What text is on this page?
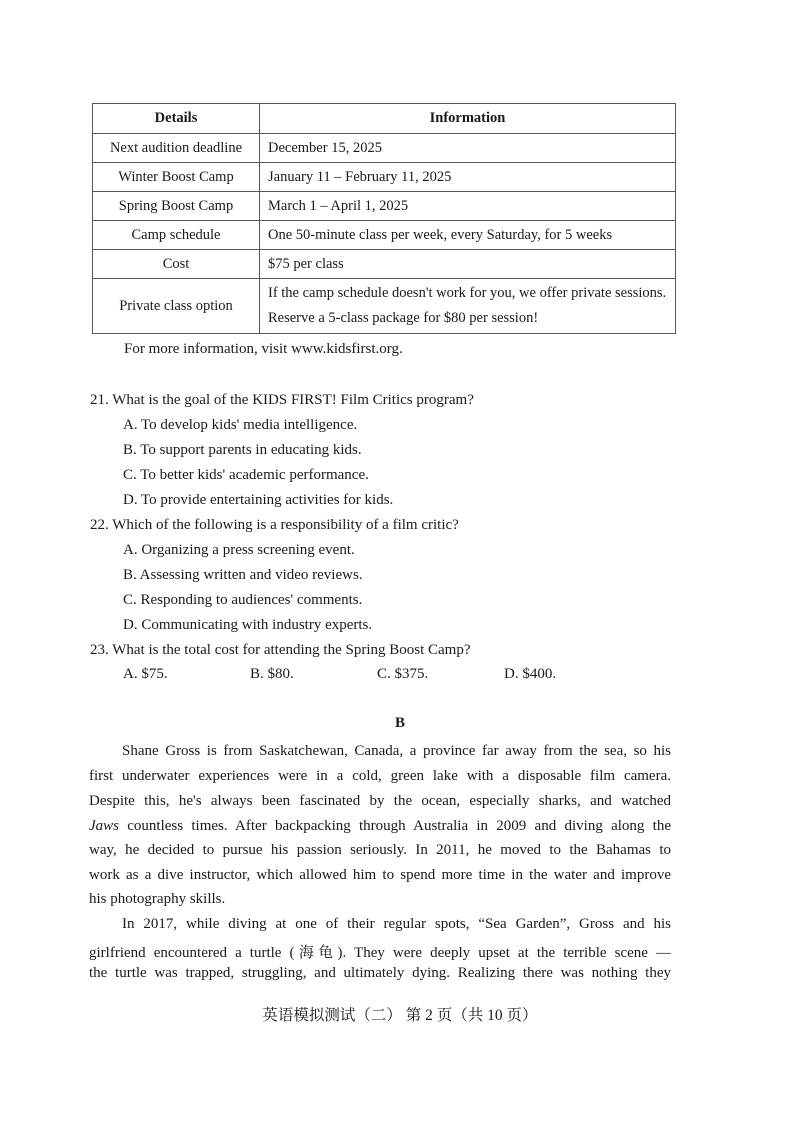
Details	Information
Next audition deadline	December 15, 2025
Winter Boost Camp	January 11 – February 11, 2025
Spring Boost Camp	March 1 – April 1, 2025
Camp schedule	One 50-minute class per week, every Saturday, for 5 weeks
Cost	$75 per class
Private class option	If the camp schedule doesn't work for you, we offer private sessions. Reserve a 5-class package for $80 per session!
For more information, visit www.kidsfirst.org.
21. What is the goal of the KIDS FIRST! Film Critics program?
A. To develop kids' media intelligence.
B. To support parents in educating kids.
C. To better kids' academic performance.
D. To provide entertaining activities for kids.
22. Which of the following is a responsibility of a film critic?
A. Organizing a press screening event.
B. Assessing written and video reviews.
C. Responding to audiences' comments.
D. Communicating with industry experts.
23. What is the total cost for attending the Spring Boost Camp?
A. $75.	B. $80.	C. $375.	D. $400.
B
Shane Gross is from Saskatchewan, Canada, a province far away from the sea, so his
first underwater experiences were in a cold, green lake with a disposable film camera.
Despite this, he's always been fascinated by the ocean, especially sharks, and watched
Jaws countless times. After backpacking through Australia in 2009 and diving along the
way, he decided to pursue his passion seriously. In 2011, he moved to the Bahamas to
work as a dive instructor, which allowed him to spend more time in the water and improve
his photography skills.
In 2017, while diving at one of their regular spots, “Sea Garden”, Gross and his
girlfriend encountered a turtle (海龟). They were deeply upset at the terrible scene —
the turtle was trapped, struggling, and ultimately dying. Realizing there was nothing they
英语模拟测试（二） 第 2 页（共 10 页）
